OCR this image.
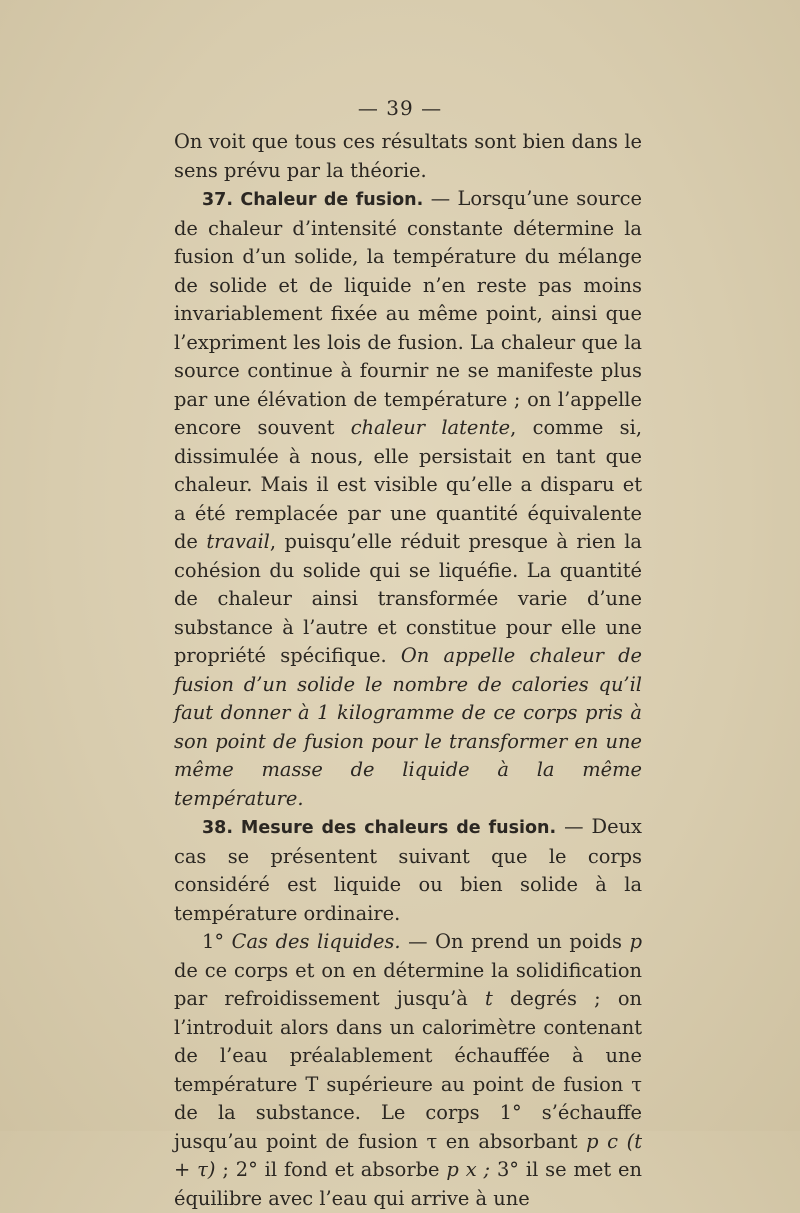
— 39 —

On voit que tous ces résultats sont bien dans le sens prévu par la théorie.

37. Chaleur de fusion. — Lorsqu’une source de chaleur d’intensité constante détermine la fusion d’un solide, la température du mélange de solide et de liquide n’en reste pas moins invariablement fixée au même point, ainsi que l’expriment les lois de fusion. La chaleur que la source continue à fournir ne se manifeste plus par une élévation de température ; on l’appelle encore souvent chaleur latente, comme si, dissimulée à nous, elle persistait en tant que chaleur. Mais il est visible qu’elle a disparu et a été remplacée par une quantité équivalente de travail, puisqu’elle réduit presque à rien la cohésion du solide qui se liquéfie. La quantité de chaleur ainsi transformée varie d’une substance à l’autre et constitue pour elle une propriété spécifique. On appelle chaleur de fusion d’un solide le nombre de calories qu’il faut donner à 1 kilogramme de ce corps pris à son point de fusion pour le transformer en une même masse de liquide à la même température.

38. Mesure des chaleurs de fusion. — Deux cas se présentent suivant que le corps considéré est liquide ou bien solide à la température ordinaire.

1° Cas des liquides. — On prend un poids p de ce corps et on en détermine la solidification par refroidissement jusqu’à t degrés ; on l’introduit alors dans un calorimètre contenant de l’eau préalablement échauffée à une température T supérieure au point de fusion τ de la substance. Le corps 1° s’échauffe jusqu’au point de fusion τ en absorbant p c (t + τ) ; 2° il fond et absorbe p x ; 3° il se met en équilibre avec l’eau qui arrive à une
